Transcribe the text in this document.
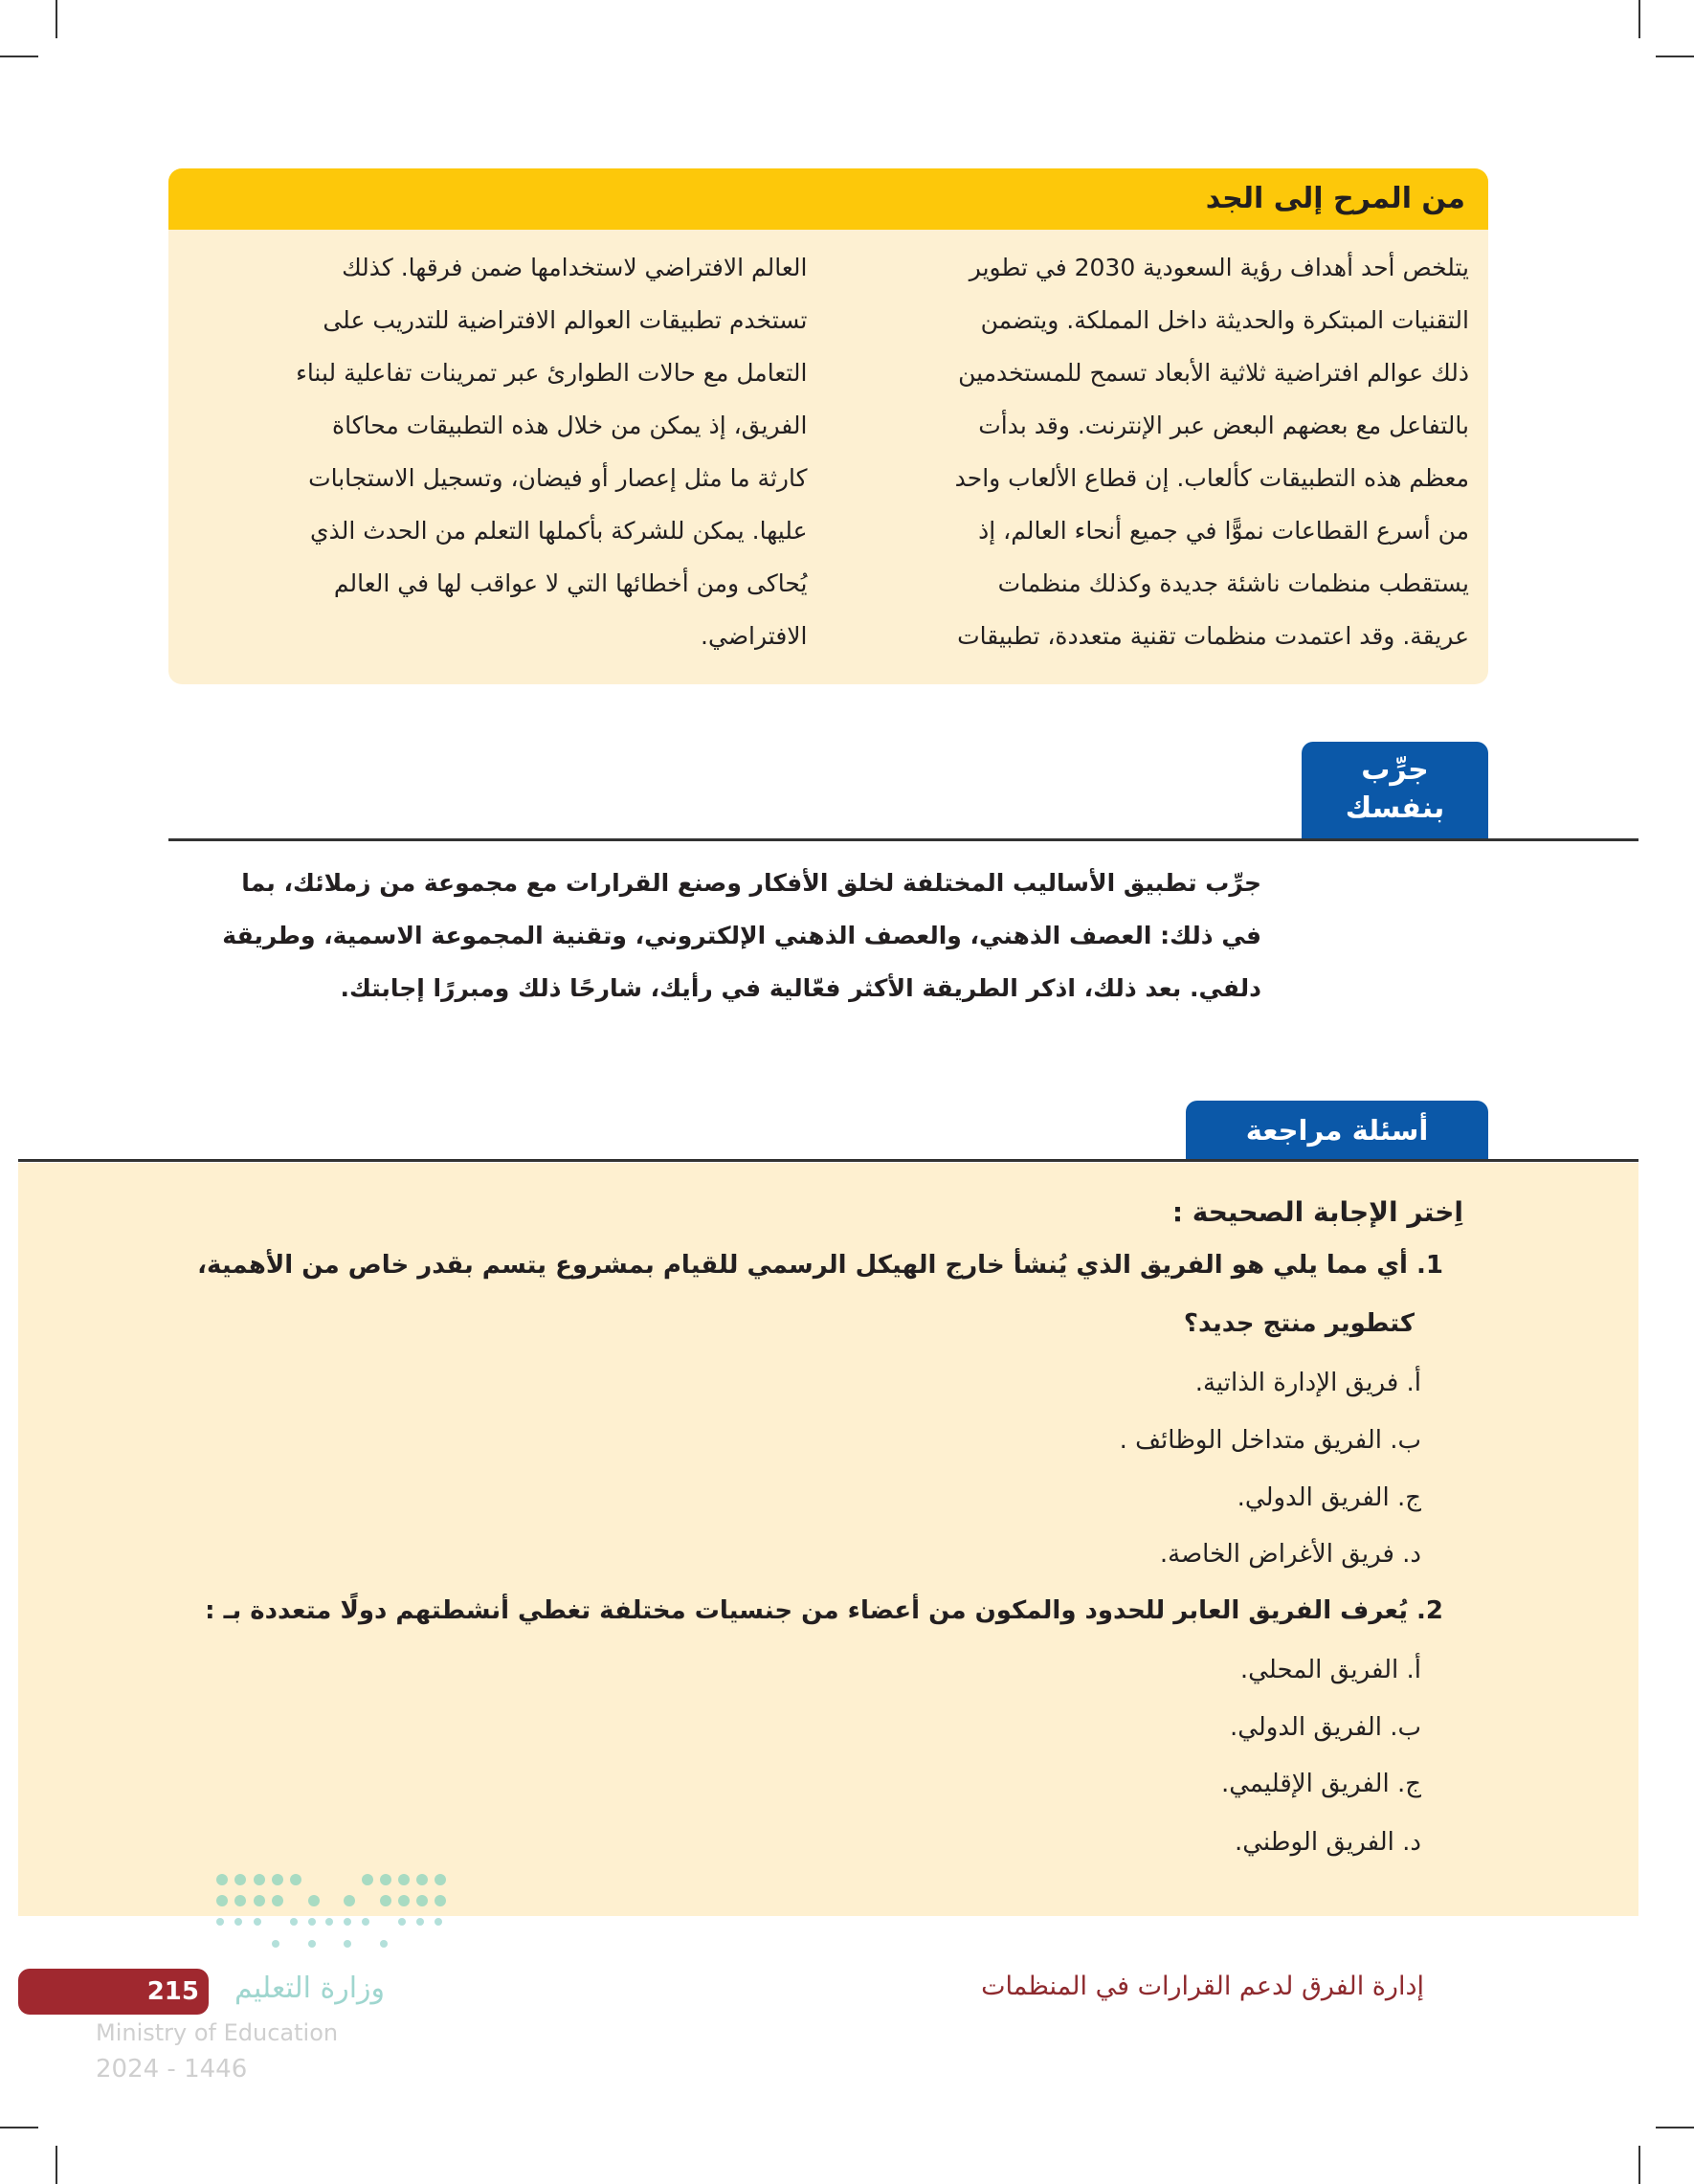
من المرح إلى الجد

يتلخص أحد أهداف رؤية السعودية 2030 في تطوير

التقنيات المبتكرة والحديثة داخل المملكة. ويتضمن

ذلك عوالم افتراضية ثلاثية الأبعاد تسمح للمستخدمين

بالتفاعل مع بعضهم البعض عبر الإنترنت. وقد بدأت

معظم هذه التطبيقات كألعاب. إن قطاع الألعاب واحد

من أسرع القطاعات نموًّا في جميع أنحاء العالم، إذ

يستقطب منظمات ناشئة جديدة وكذلك منظمات

عريقة. وقد اعتمدت منظمات تقنية متعددة، تطبيقات

العالم الافتراضي لاستخدامها ضمن فرقها. كذلك

تستخدم تطبيقات العوالم الافتراضية للتدريب على

التعامل مع حالات الطوارئ عبر تمرينات تفاعلية لبناء

الفريق، إذ يمكن من خلال هذه التطبيقات محاكاة

كارثة ما مثل إعصار أو فيضان، وتسجيل الاستجابات

عليها. يمكن للشركة بأكملها التعلم من الحدث الذي

يُحاكى ومن أخطائها التي لا عواقب لها في العالم

الافتراضي.

جرِّب
بنفسك

جرِّب تطبيق الأساليب المختلفة لخلق الأفكار وصنع القرارات مع مجموعة من زملائك، بما

في ذلك: العصف الذهني، والعصف الذهني الإلكتروني، وتقنية المجموعة الاسمية، وطريقة

دلفي. بعد ذلك، اذكر الطريقة الأكثر فعّالية في رأيك، شارحًا ذلك ومبررًا إجابتك.

أسئلة مراجعة
اِختر الإجابة الصحيحة :
1. أي مما يلي هو الفريق الذي يُنشأ خارج الهيكل الرسمي للقيام بمشروع يتسم بقدر خاص من الأهمية،
كتطوير منتج جديد؟
أ. فريق الإدارة الذاتية.
ب. الفريق متداخل الوظائف .
ج. الفريق الدولي.
د. فريق الأغراض الخاصة.
2. يُعرف الفريق العابر للحدود والمكون من أعضاء من جنسيات مختلفة تغطي أنشطتهم دولًا متعددة بـ :
أ. الفريق المحلي.
ب. الفريق الدولي.
ج. الفريق الإقليمي.
د. الفريق الوطني.
215	وزارة التعليم	إدارة الفرق لدعم القرارات في المنظمات
Ministry of Education
2024 - 1446
